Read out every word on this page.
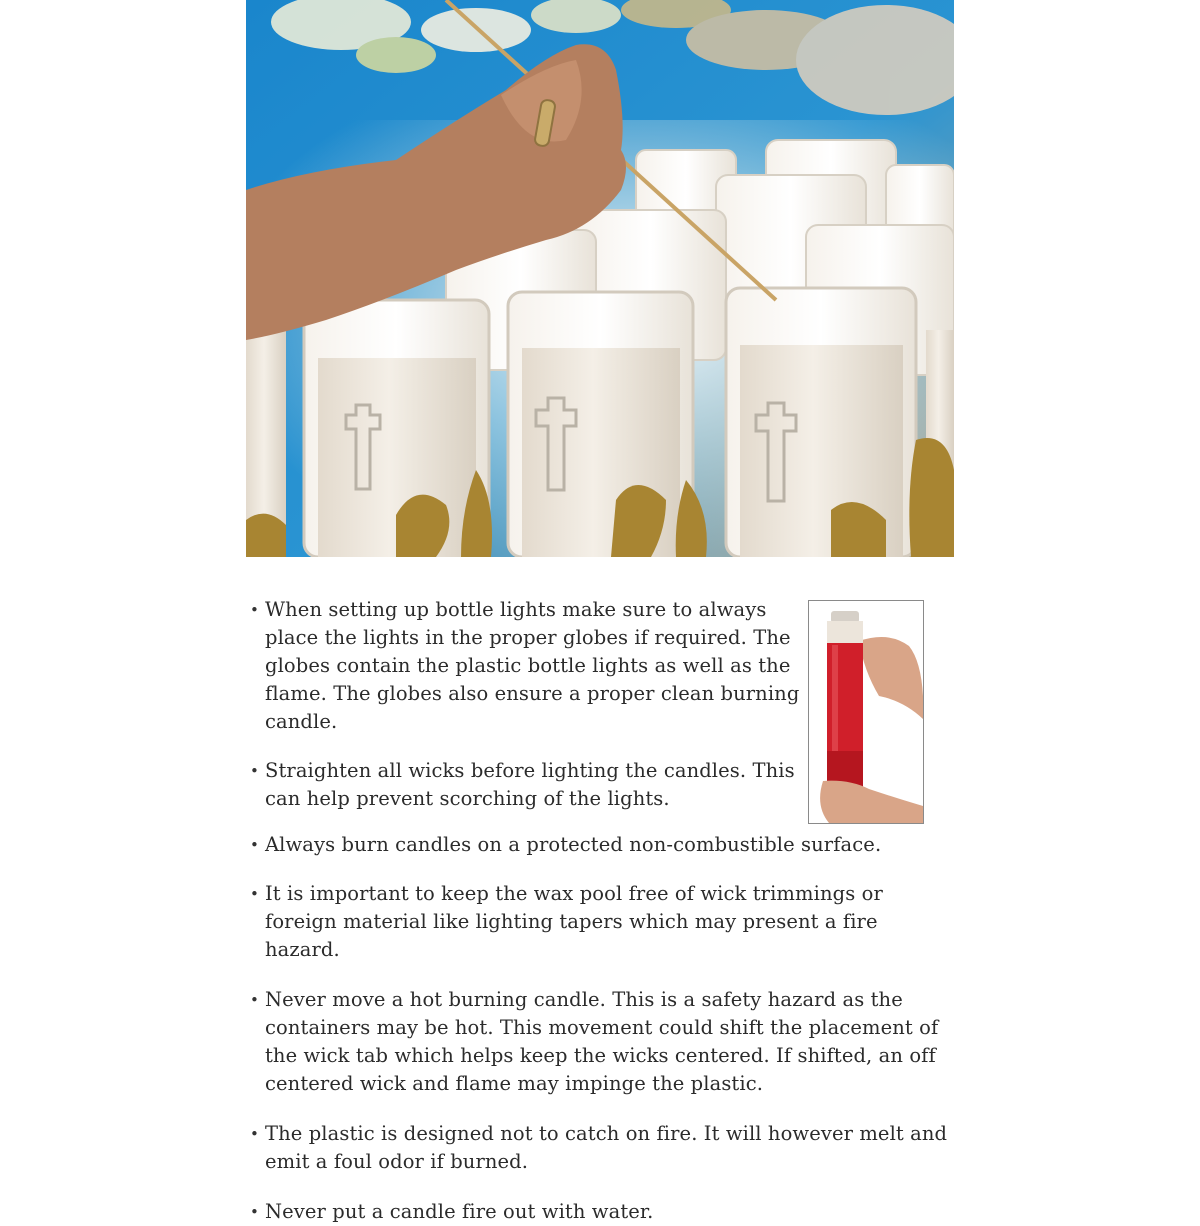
• When setting up bottle lights make sure to always place the lights in the proper globes if required. The globes contain the plastic bottle lights as well as the flame. The globes also ensure a proper clean burning candle.
• Straighten all wicks before lighting the candles. This can help prevent scorching of the lights.
• Always burn candles on a protected non-combustible surface.
• It is important to keep the wax pool free of wick trimmings or foreign material like lighting tapers which may present a fire hazard.
• Never move a hot burning candle. This is a safety hazard as the containers may be hot. This movement could shift the placement of the wick tab which helps keep the wicks centered. If shifted, an off centered wick and flame may impinge the plastic.
• The plastic is designed not to catch on fire. It will however melt and emit a foul odor if burned.
• Never put a candle fire out with water.
